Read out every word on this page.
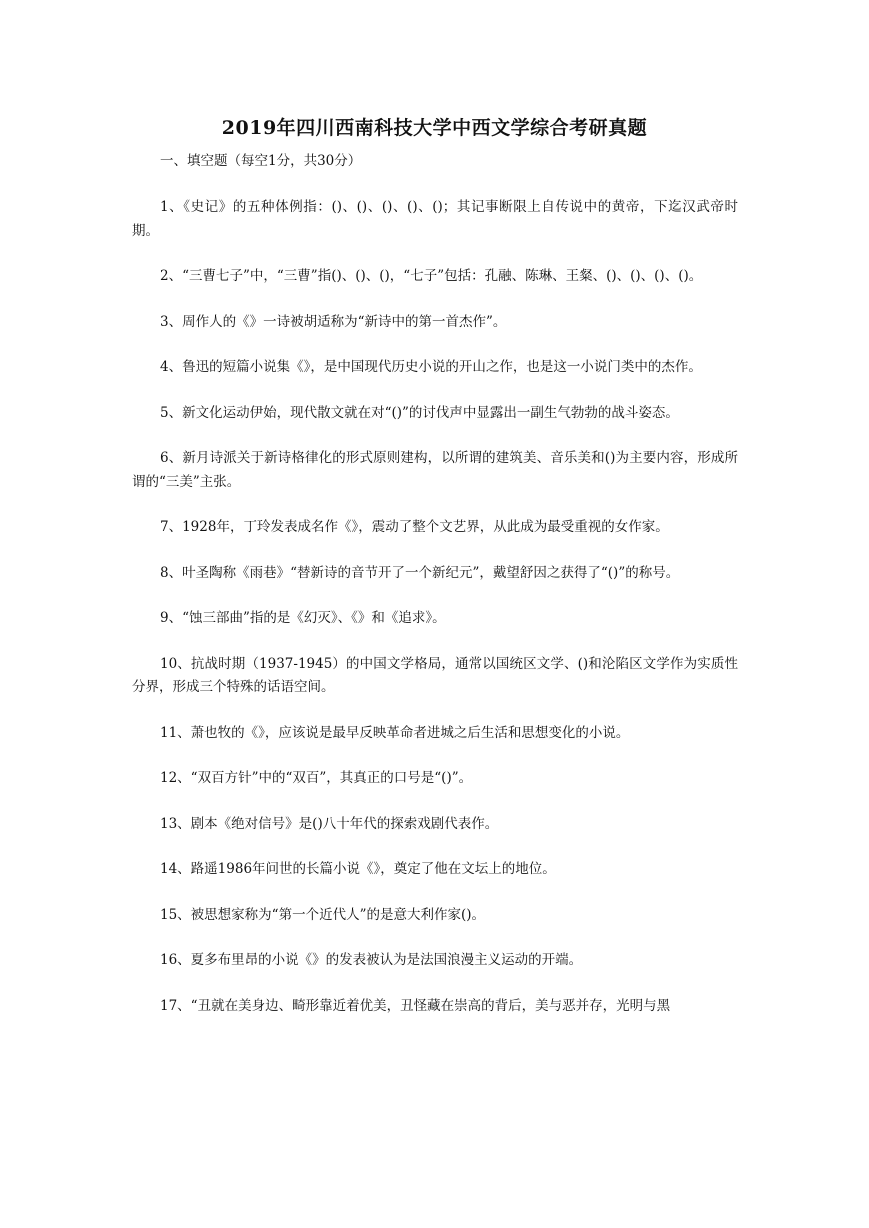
2019年四川西南科技大学中西文学综合考研真题
一、填空题（每空1分，共30分）

1、《史记》的五种体例指：()、()、()、()、()；其记事断限上自传说中的黄帝，下迄汉武帝时期。

2、“三曹七子”中，“三曹”指()、()、()，“七子”包括：孔融、陈琳、王粲、()、()、()、()。

3、周作人的《》一诗被胡适称为“新诗中的第一首杰作”。

4、鲁迅的短篇小说集《》，是中国现代历史小说的开山之作，也是这一小说门类中的杰作。

5、新文化运动伊始，现代散文就在对“()”的讨伐声中显露出一副生气勃勃的战斗姿态。

6、新月诗派关于新诗格律化的形式原则建构，以所谓的建筑美、音乐美和()为主要内容，形成所谓的“三美”主张。

7、1928年，丁玲发表成名作《》，震动了整个文艺界，从此成为最受重视的女作家。

8、叶圣陶称《雨巷》“替新诗的音节开了一个新纪元”，戴望舒因之获得了“()”的称号。

9、“蚀三部曲”指的是《幻灭》、《》和《追求》。

10、抗战时期（1937-1945）的中国文学格局，通常以国统区文学、()和沦陷区文学作为实质性分界，形成三个特殊的话语空间。

11、萧也牧的《》，应该说是最早反映革命者进城之后生活和思想变化的小说。

12、“双百方针”中的“双百”，其真正的口号是“()”。

13、剧本《绝对信号》是()八十年代的探索戏剧代表作。

14、路遥1986年问世的长篇小说《》，奠定了他在文坛上的地位。

15、被思想家称为“第一个近代人”的是意大利作家()。

16、夏多布里昂的小说《》的发表被认为是法国浪漫主义运动的开端。

17、“丑就在美身边、畸形靠近着优美，丑怪藏在崇高的背后，美与恶并存，光明与黑
